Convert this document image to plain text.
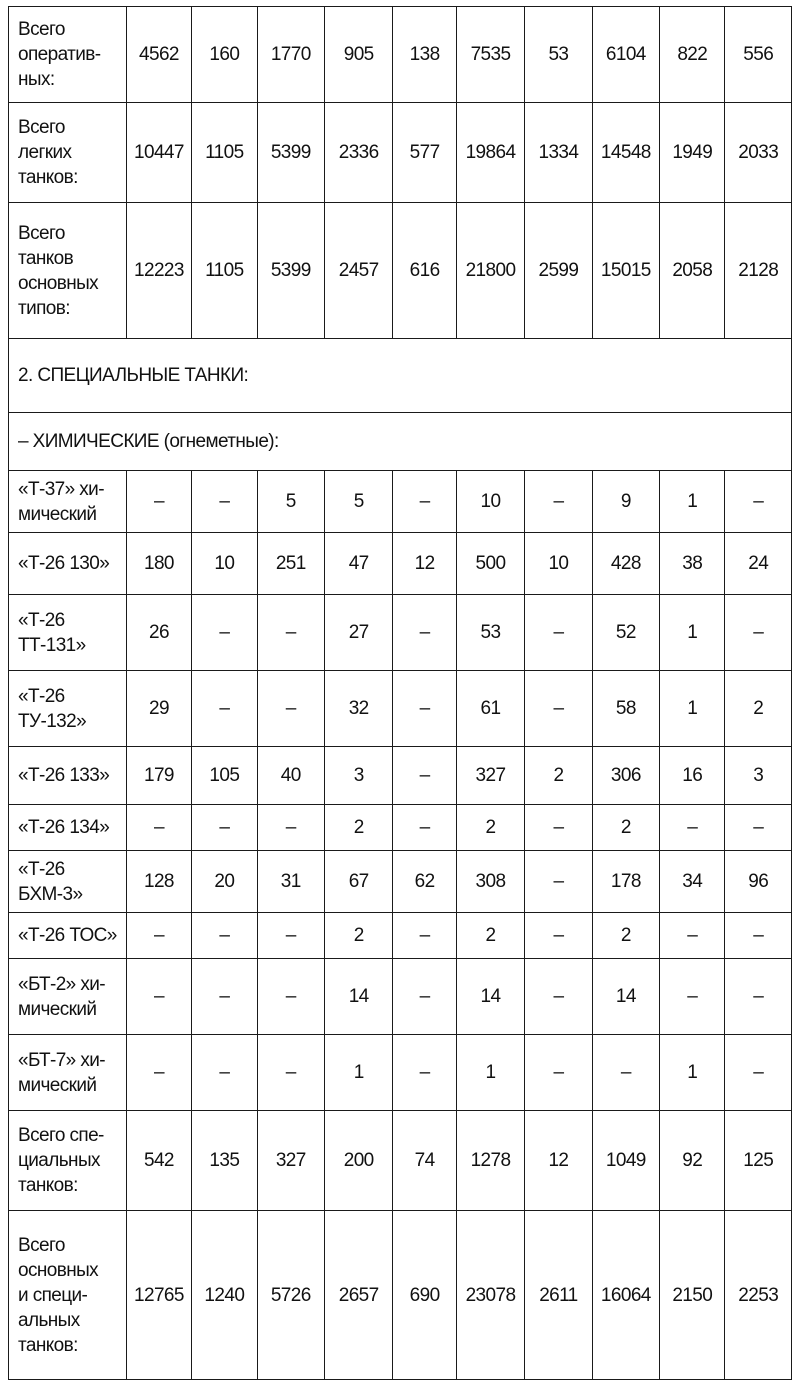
Всего
оператив-
ных:	4562	160	1770	905	138	7535	53	6104	822	556

Всего
легких
танков:	10447	1105	5399	2336	577	19864	1334	14548	1949	2033

Всего
танков
основных
типов:	12223	1105	5399	2457	616	21800	2599	15015	2058	2128
2. СПЕЦИАЛЬНЫЕ ТАНКИ:										
– ХИМИЧЕСКИЕ (огнеметные):										

«Т-37» хи-
мический	–	–	5	5	–	10	–	9	1	–

«Т-26 130»	180	10	251	47	12	500	10	428	38	24

«Т-26
ТТ-131»	26	–	–	27	–	53	–	52	1	–

«Т-26
ТУ-132»	29	–	–	32	–	61	–	58	1	2

«Т-26 133»	179	105	40	3	–	327	2	306	16	3

«Т-26 134»	–	–	–	2	–	2	–	2	–	–

«Т-26 БХМ-3»	128	20	31	67	62	308	–	178	34	96

«Т-26 ТОС»	–	–	–	2	–	2	–	2	–	–

«БТ-2» хи-
мический	–	–	–	14	–	14	–	14	–	–

«БТ-7» хи-
мический	–	–	–	1	–	1	–	–	1	–

Всего спе-
циальных
танков:	542	135	327	200	74	1278	12	1049	92	125

Всего
основных
и специ-
альных
танков:	12765	1240	5726	2657	690	23078	2611	16064	2150	2253
